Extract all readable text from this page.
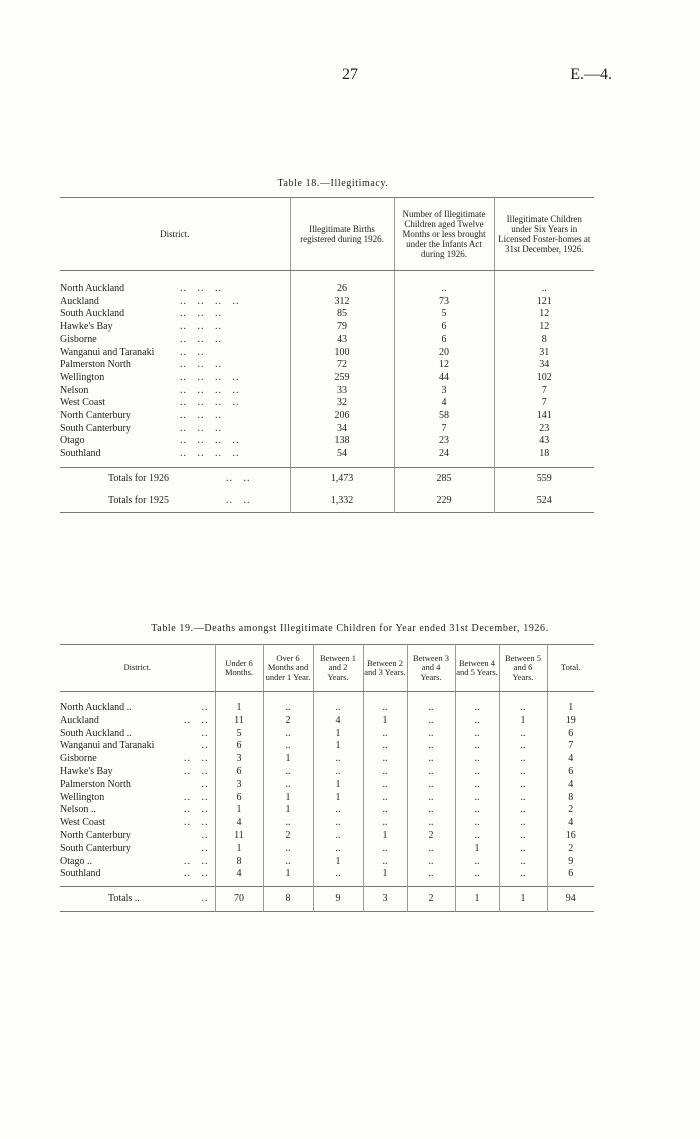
27	E.—4.
Table 18.—Illegitimacy.
District.	Illegitimate Births registered during 1926.	Number of Illegitimate Children aged Twelve Months or less brought under the Infants Act during 1926.	Illegitimate Children under Six Years in Licensed Foster-homes at 31st December, 1926.

North Auckland ..   ..   ..	26	..	..
Auckland ..   ..   ..   ..	312	73	121
South Auckland ..   ..   ..	85	5	12
Hawke's Bay ..   ..   ..	79	6	12
Gisborne ..   ..   ..	43	6	8
Wanganui and Taranaki ..   ..	100	20	31
Palmerston North ..   ..   ..	72	12	34
Wellington ..   ..   ..   ..	259	44	102
Nelson ..   ..   ..   ..	33	3	7
West Coast ..   ..   ..   ..	32	4	7
North Canterbury ..   ..   ..	206	58	141
South Canterbury ..   ..   ..	34	7	23
Otago ..   ..   ..   ..	138	23	43
Southland ..   ..   ..   ..	54	24	18

Totals for 1926 ..   ..	1,473	285	559
Totals for 1925 ..   ..	1,332	229	524
Table 19.—Deaths amongst Illegitimate Children for Year ended 31st December, 1926.
District.	Under 6 Months.	Over 6 Months and under 1 Year.	Between 1 and 2 Years.	Between 2 and 3 Years.	Between 3 and 4 Years.	Between 4 and 5 Years.	Between 5 and 6 Years.	Total.

North Auckland .. ..	1	..	..	..	..	..	..	1
Auckland ..   ..	11	2	4	1	..	..	1	19
South Auckland .. ..	5	..	1	..	..	..	..	6
Wanganui and Taranaki ..	6	..	1	..	..	..	..	7
Gisborne ..   ..	3	1	..	..	..	..	..	4
Hawke's Bay ..   ..	6	..	..	..	..	..	..	6
Palmerston North ..	3	..	1	..	..	..	..	4
Wellington ..   ..	6	1	1	..	..	..	..	8
Nelson .. ..   ..	1	1	..	..	..	..	..	2
West Coast ..   ..	4	..	..	..	..	..	..	4
North Canterbury ..	11	2	..	1	2	..	..	16
South Canterbury ..	1	..	..	..	..	1	..	2
Otago .. ..   ..	8	..	1	..	..	..	..	9
Southland ..   ..	4	1	..	1	..	..	..	6

Totals .. ..	70	8	9	3	2	1	1	94
